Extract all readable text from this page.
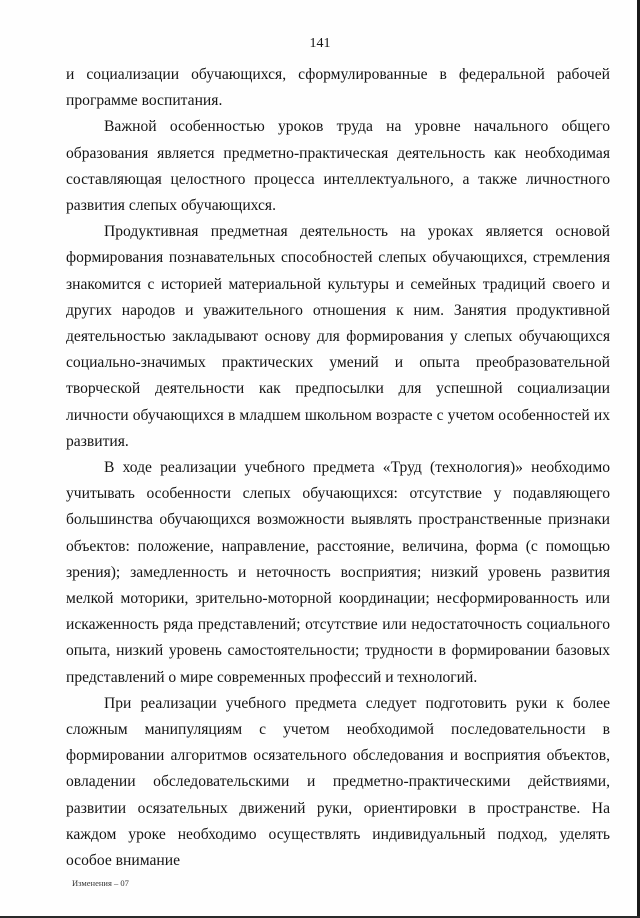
141

и социализации обучающихся, сформулированные в федеральной рабочей программе воспитания.

Важной особенностью уроков труда на уровне начального общего образования является предметно-практическая деятельность как необходимая составляющая целостного процесса интеллектуального, а также личностного развития слепых обучающихся.

Продуктивная предметная деятельность на уроках является основой формирования познавательных способностей слепых обучающихся, стремления знакомится с историей материальной культуры и семейных традиций своего и других народов и уважительного отношения к ним. Занятия продуктивной деятельностью закладывают основу для формирования у слепых обучающихся социально-значимых практических умений и опыта преобразовательной творческой деятельности как предпосылки для успешной социализации личности обучающихся в младшем школьном возрасте с учетом особенностей их развития.

В ходе реализации учебного предмета «Труд (технология)» необходимо учитывать особенности слепых обучающихся: отсутствие у подавляющего большинства обучающихся возможности выявлять пространственные признаки объектов: положение, направление, расстояние, величина, форма (с помощью зрения); замедленность и неточность восприятия; низкий уровень развития мелкой моторики, зрительно-моторной координации; несформированность или искаженность ряда представлений; отсутствие или недостаточность социального опыта, низкий уровень самостоятельности; трудности в формировании базовых представлений о мире современных профессий и технологий.

При реализации учебного предмета следует подготовить руки к более сложным манипуляциям с учетом необходимой последовательности в формировании алгоритмов осязательного обследования и восприятия объектов, овладении обследовательскими и предметно-практическими действиями, развитии осязательных движений руки, ориентировки в пространстве. На каждом уроке необходимо осуществлять индивидуальный подход, уделять особое внимание

Изменения – 07
